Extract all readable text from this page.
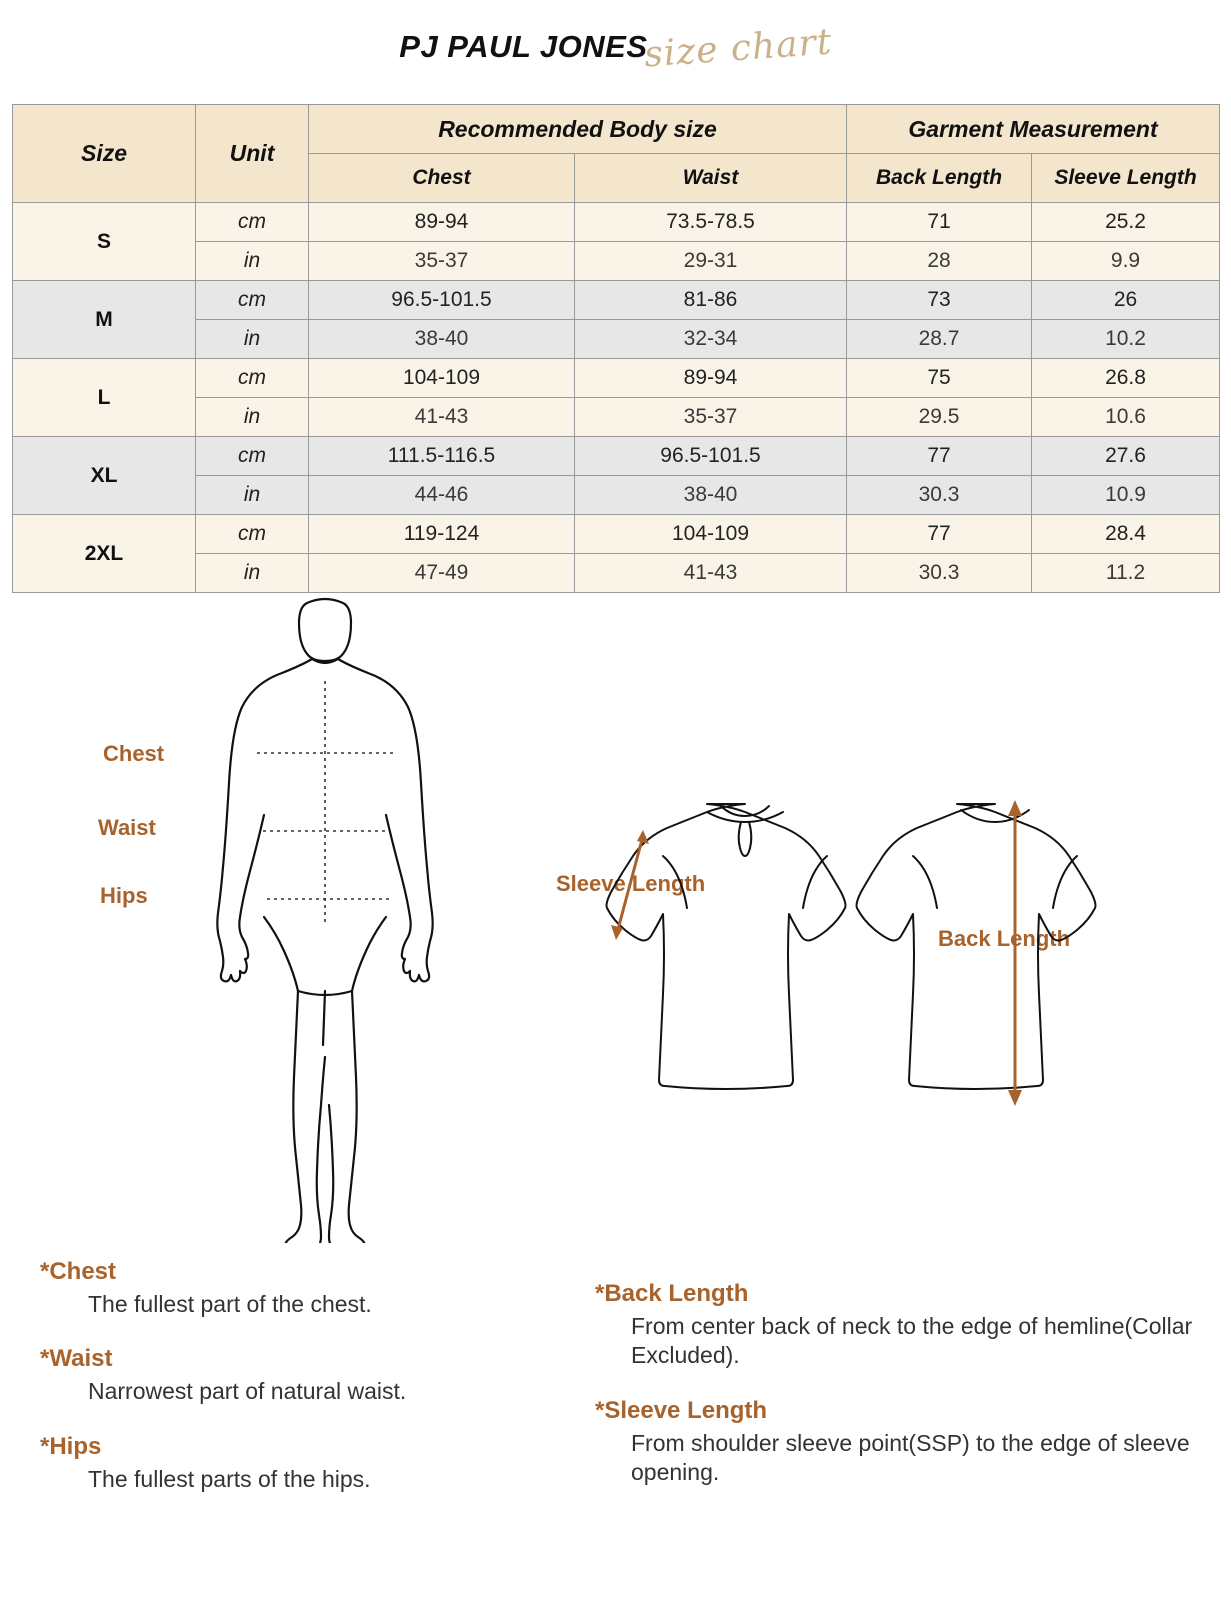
PJ PAUL JONESsize chart
Size	Unit	Recommended Body size		Garment Measurement	
		Chest	Waist	Back Length	Sleeve Length
S	cm	89-94	73.5-78.5	71	25.2
	in	35-37	29-31	28	9.9
M	cm	96.5-101.5	81-86	73	26
	in	38-40	32-34	28.7	10.2
L	cm	104-109	89-94	75	26.8
	in	41-43	35-37	29.5	10.6
XL	cm	111.5-116.5	96.5-101.5	77	27.6
	in	44-46	38-40	30.3	10.9
2XL	cm	119-124	104-109	77	28.4
	in	47-49	41-43	30.3	11.2
Chest
Waist
Hips	Sleeve Length
Back Length

*Chest

The fullest part of the chest.

*Waist

Narrowest part of natural waist.

*Hips

The fullest parts of the hips.

*Back Length

From center back of neck to the edge of hemline(Collar Excluded).

*Sleeve Length

From shoulder sleeve point(SSP) to the edge of sleeve opening.
